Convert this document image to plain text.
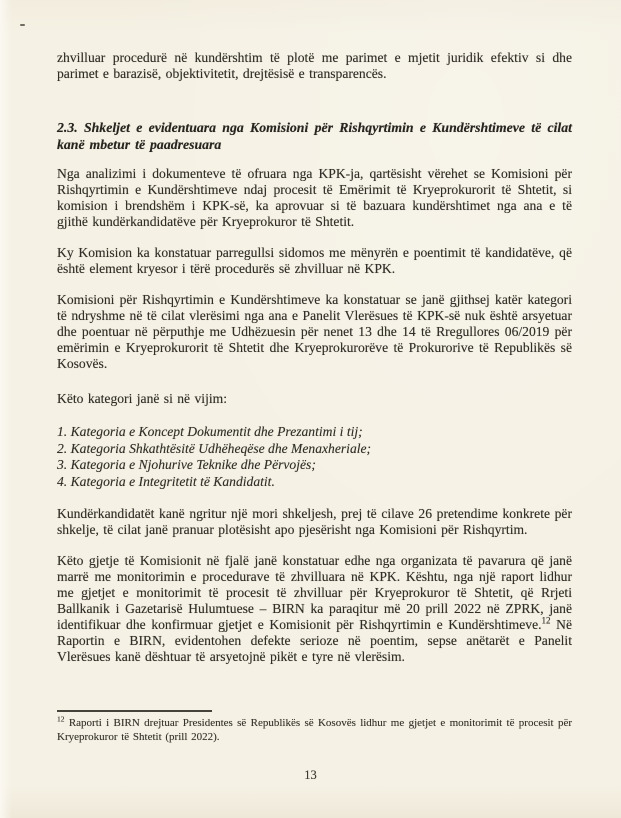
zhvilluar procedurë në kundërshtim të plotë me parimet e mjetit juridik efektiv si dhe parimet e barazisë, objektivitetit, drejtësisë e transparencës.

2.3. Shkeljet e evidentuara nga Komisioni për Rishqyrtimin e Kundërshtimeve të cilat kanë mbetur të paadresuara

Nga analizimi i dokumenteve të ofruara nga KPK-ja, qartësisht vërehet se Komisioni për Rishqyrtimin e Kundërshtimeve ndaj procesit të Emërimit të Kryeprokurorit të Shtetit, si komision i brendshëm i KPK-së, ka aprovuar si të bazuara kundërshtimet nga ana e të gjithë kundërkandidatëve për Kryeprokuror të Shtetit.

Ky Komision ka konstatuar parregullsi sidomos me mënyrën e poentimit të kandidatëve, që është element kryesor i tërë procedurës së zhvilluar në KPK.

Komisioni për Rishqyrtimin e Kundërshtimeve ka konstatuar se janë gjithsej katër kategori të ndryshme në të cilat vlerësimi nga ana e Panelit Vlerësues të KPK-së nuk është arsyetuar dhe poentuar në përputhje me Udhëzuesin për nenet 13 dhe 14 të Rregullores 06/2019 për emërimin e Kryeprokurorit të Shtetit dhe Kryeprokurorëve të Prokurorive të Republikës së Kosovës.

Këto kategori janë si në vijim:

1. Kategoria e Koncept Dokumentit dhe Prezantimi i tij;

2. Kategoria Shkathtësitë Udhëheqëse dhe Menaxheriale;

3. Kategoria e Njohurive Teknike dhe Përvojës;

4. Kategoria e Integritetit të Kandidatit.

Kundërkandidatët kanë ngritur një mori shkeljesh, prej të cilave 26 pretendime konkrete për shkelje, të cilat janë pranuar plotësisht apo pjesërisht nga Komisioni për Rishqyrtim.

Këto gjetje të Komisionit në fjalë janë konstatuar edhe nga organizata të pavarura që janë marrë me monitorimin e procedurave të zhvilluara në KPK. Kështu, nga një raport lidhur me gjetjet e monitorimit të procesit të zhvilluar për Kryeprokuror të Shtetit, që Rrjeti Ballkanik i Gazetarisë Hulumtuese – BIRN ka paraqitur më 20 prill 2022 në ZPRK, janë identifikuar dhe konfirmuar gjetjet e Komisionit për Rishqyrtimin e Kundërshtimeve.$^{12}$ Në Raportin e BIRN, evidentohen defekte serioze në poentim, sepse anëtarët e Panelit Vlerësues kanë dështuar të arsyetojnë pikët e tyre në vlerësim.

$^{12}$ Raporti i BIRN drejtuar Presidentes së Republikës së Kosovës lidhur me gjetjet e monitorimit të procesit për Kryeprokuror të Shtetit (prill 2022).

13
